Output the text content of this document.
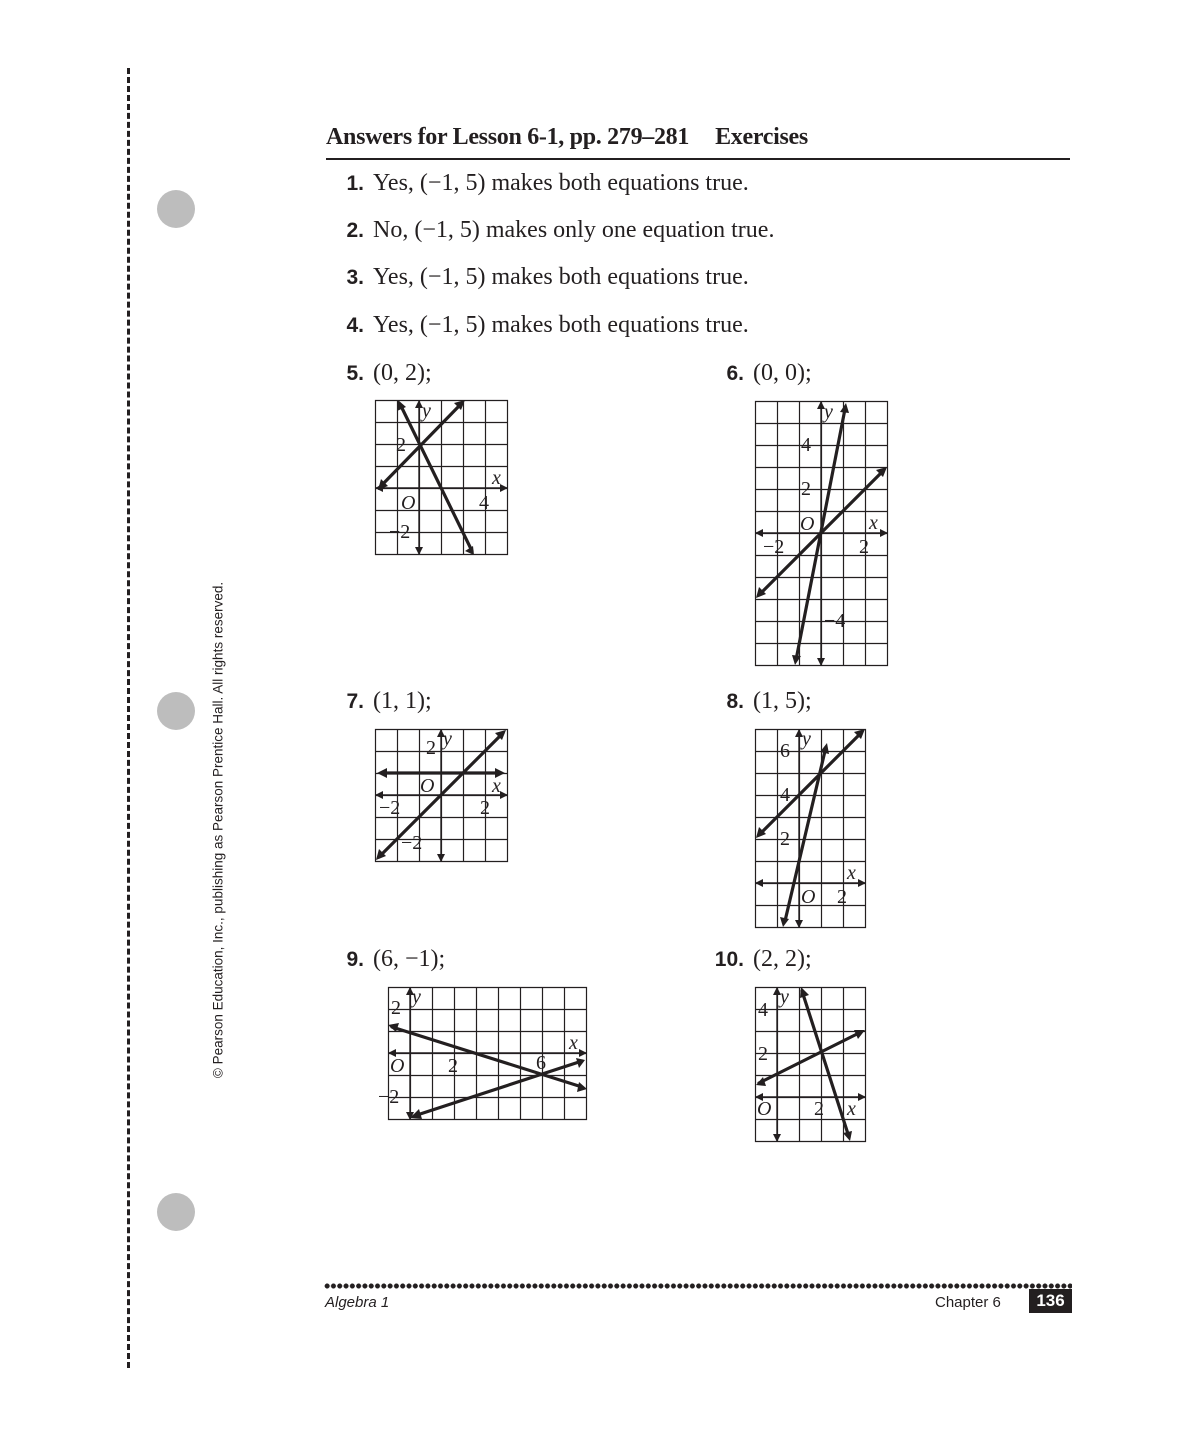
© Pearson Education, Inc., publishing as Pearson Prentice Hall. All rights reserved.
Answers for Lesson 6-1, pp. 279–281 Exercises
1. Yes, (−1, 5) makes both equations true.
2. No, (−1, 5) makes only one equation true.
3. Yes, (−1, 5) makes both equations true.
4. Yes, (−1, 5) makes both equations true.
5. (0, 2);	6. (0, 0);
7. (1, 1);	8. (1, 5);
9. (6, −1);	10. (2, 2);
x
y
2
O	4
−2	x
y
4
2
O
−2	2
−4
x
y
2
O
−2	2
−2
x
y
6
4
2
O 2
x
y
2
O 2	6
−2
x
y
4
2
O 2
Algebra 1	Chapter 6	136
